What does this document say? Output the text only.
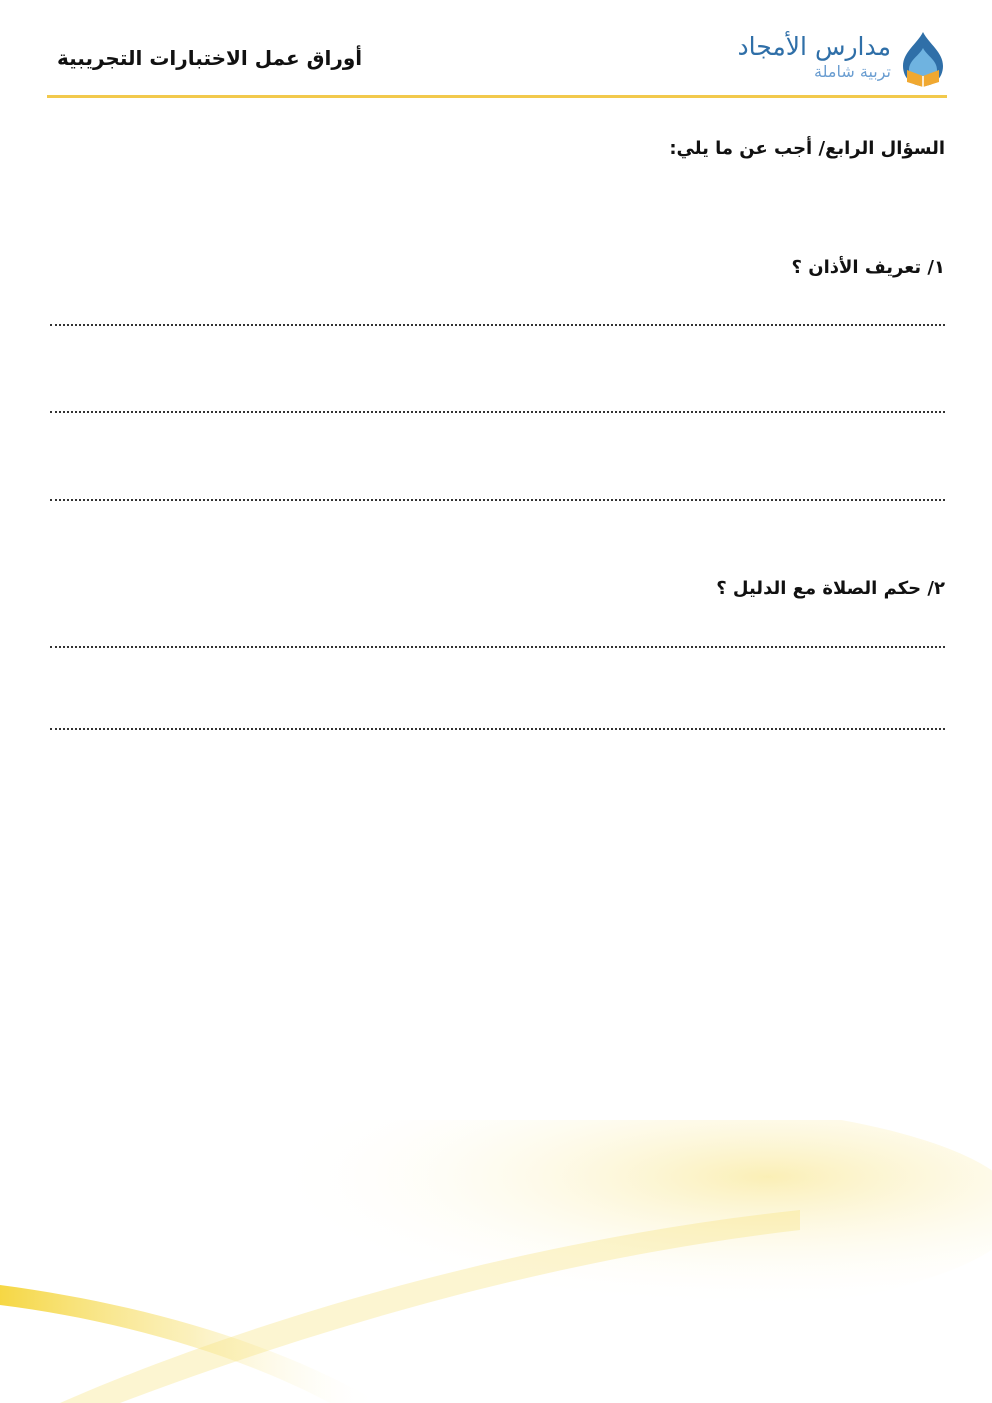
مدارس الأمجاد
تربية شاملة
أوراق عمل الاختبارات التجريبية
السؤال الرابع/ أجب عن ما يلي:
١/ تعريف الأذان ؟
٢/ حكم الصلاة مع الدليل ؟
